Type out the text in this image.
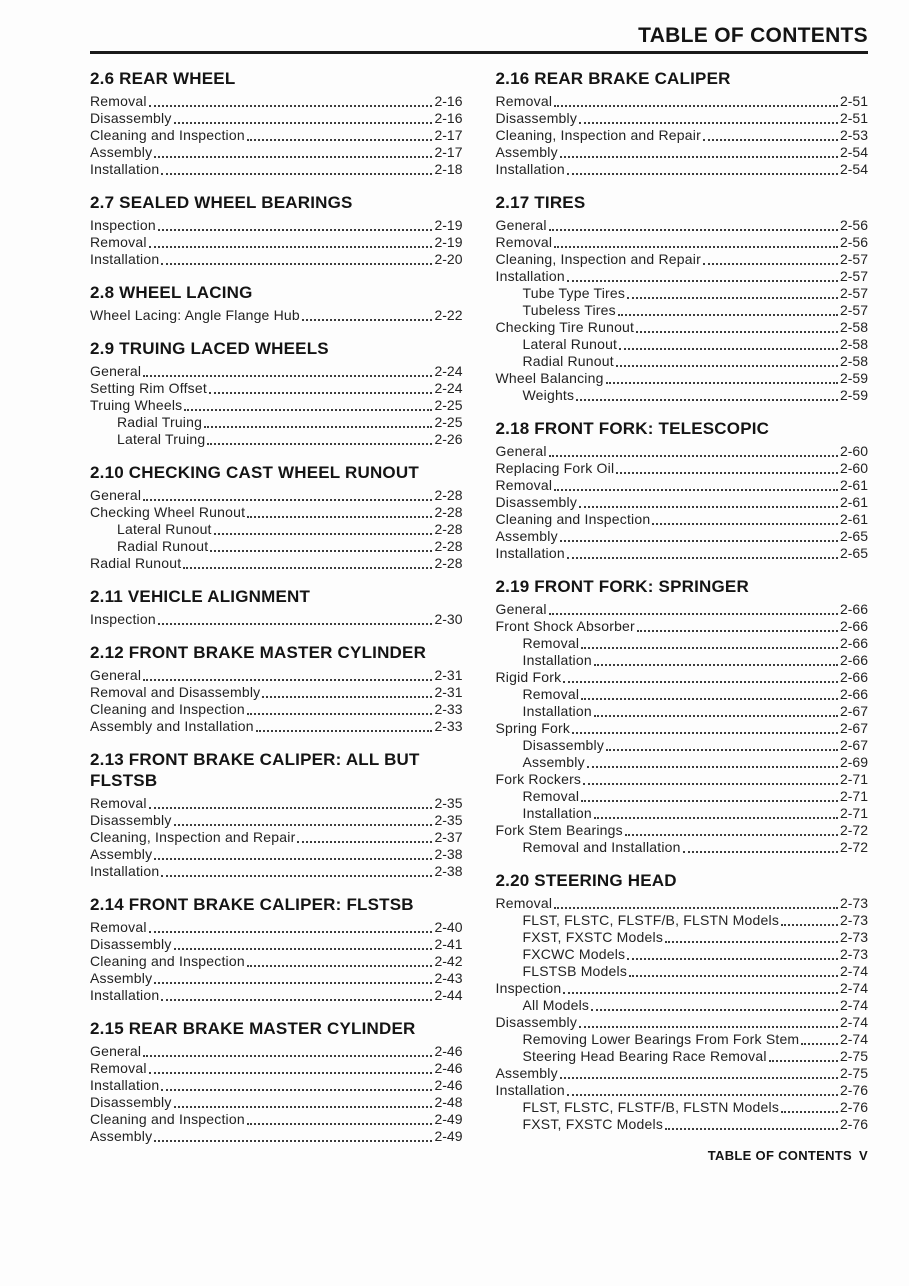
TABLE OF CONTENTS
2.6 REAR WHEEL
Removal	2-16
Disassembly	2-16
Cleaning and Inspection	2-17
Assembly	2-17
Installation	2-18
2.7 SEALED WHEEL BEARINGS
Inspection	2-19
Removal	2-19
Installation	2-20
2.8 WHEEL LACING
Wheel Lacing: Angle Flange Hub	2-22
2.9 TRUING LACED WHEELS
General	2-24
Setting Rim Offset	2-24
Truing Wheels	2-25
Radial Truing	2-25
Lateral Truing	2-26
2.10 CHECKING CAST WHEEL RUNOUT
General	2-28
Checking Wheel Runout	2-28
Lateral Runout	2-28
Radial Runout	2-28
Radial Runout	2-28
2.11 VEHICLE ALIGNMENT
Inspection	2-30
2.12 FRONT BRAKE MASTER CYLINDER
General	2-31
Removal and Disassembly	2-31
Cleaning and Inspection	2-33
Assembly and Installation	2-33
2.13 FRONT BRAKE CALIPER: ALL BUT FLSTSB
Removal	2-35
Disassembly	2-35
Cleaning, Inspection and Repair	2-37
Assembly	2-38
Installation	2-38
2.14 FRONT BRAKE CALIPER: FLSTSB
Removal	2-40
Disassembly	2-41
Cleaning and Inspection	2-42
Assembly	2-43
Installation	2-44
2.15 REAR BRAKE MASTER CYLINDER
General	2-46
Removal	2-46
Installation	2-46
Disassembly	2-48
Cleaning and Inspection	2-49
Assembly	2-49
2.16 REAR BRAKE CALIPER
Removal	2-51
Disassembly	2-51
Cleaning, Inspection and Repair	2-53
Assembly	2-54
Installation	2-54
2.17 TIRES
General	2-56
Removal	2-56
Cleaning, Inspection and Repair	2-57
Installation	2-57
Tube Type Tires	2-57
Tubeless Tires	2-57
Checking Tire Runout	2-58
Lateral Runout	2-58
Radial Runout	2-58
Wheel Balancing	2-59
Weights	2-59
2.18 FRONT FORK: TELESCOPIC
General	2-60
Replacing Fork Oil	2-60
Removal	2-61
Disassembly	2-61
Cleaning and Inspection	2-61
Assembly	2-65
Installation	2-65
2.19 FRONT FORK: SPRINGER
General	2-66
Front Shock Absorber	2-66
Removal	2-66
Installation	2-66
Rigid Fork	2-66
Removal	2-66
Installation	2-67
Spring Fork	2-67
Disassembly	2-67
Assembly	2-69
Fork Rockers	2-71
Removal	2-71
Installation	2-71
Fork Stem Bearings	2-72
Removal and Installation	2-72
2.20 STEERING HEAD
Removal	2-73
FLST, FLSTC, FLSTF/B, FLSTN Models	2-73
FXST, FXSTC Models	2-73
FXCWC Models	2-73
FLSTSB Models	2-74
Inspection	2-74
All Models	2-74
Disassembly	2-74
Removing Lower Bearings From Fork Stem	2-74
Steering Head Bearing Race Removal	2-75
Assembly	2-75
Installation	2-76
FLST, FLSTC, FLSTF/B, FLSTN Models	2-76
FXST, FXSTC Models	2-76
TABLE OF CONTENTS V
